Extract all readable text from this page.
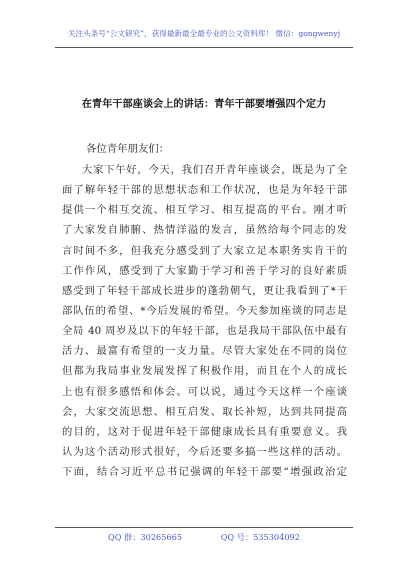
关注头条号“公文研究”，获得最新最全最专业的公文资料库！ 微信：gongwenyj
在青年干部座谈会上的讲话：青年干部要增强四个定力
各位青年朋友们：
大家下午好，今天，我们召开青年座谈会，既是为了全
面了解年轻干部的思想状态和工作状况，也是为年轻干部
提供一个相互交流、相互学习、相互提高的平台。刚才听
了大家发自肺腑、热情洋溢的发言，虽然给每个同志的发
言时间不多，但我充分感受到了大家立足本职务实肯干的
工作作风，感受到了大家勤于学习和善于学习的良好素质
感受到了年轻干部成长进步的蓬勃朝气，更让我看到了*干
部队伍的希望、*今后发展的希望。今天参加座谈的同志是
全局 40 周岁及以下的年轻干部，也是我局干部队伍中最有
活力、最富有希望的一支力量。尽管大家处在不同的岗位
但都为我局事业发展发挥了积极作用，而且在个人的成长
上也有很多感悟和体会。可以说，通过今天这样一个座谈
会，大家交流思想、相互启发、取长补短，达到共同提高
的目的，这对于促进年轻干部健康成长具有重要意义。我
认为这个活动形式很好，今后还要多搞一些这样的活动。
下面，结合习近平总书记强调的年轻干部要“增强政治定
QQ 群：30265665	QQ 号：535304092
